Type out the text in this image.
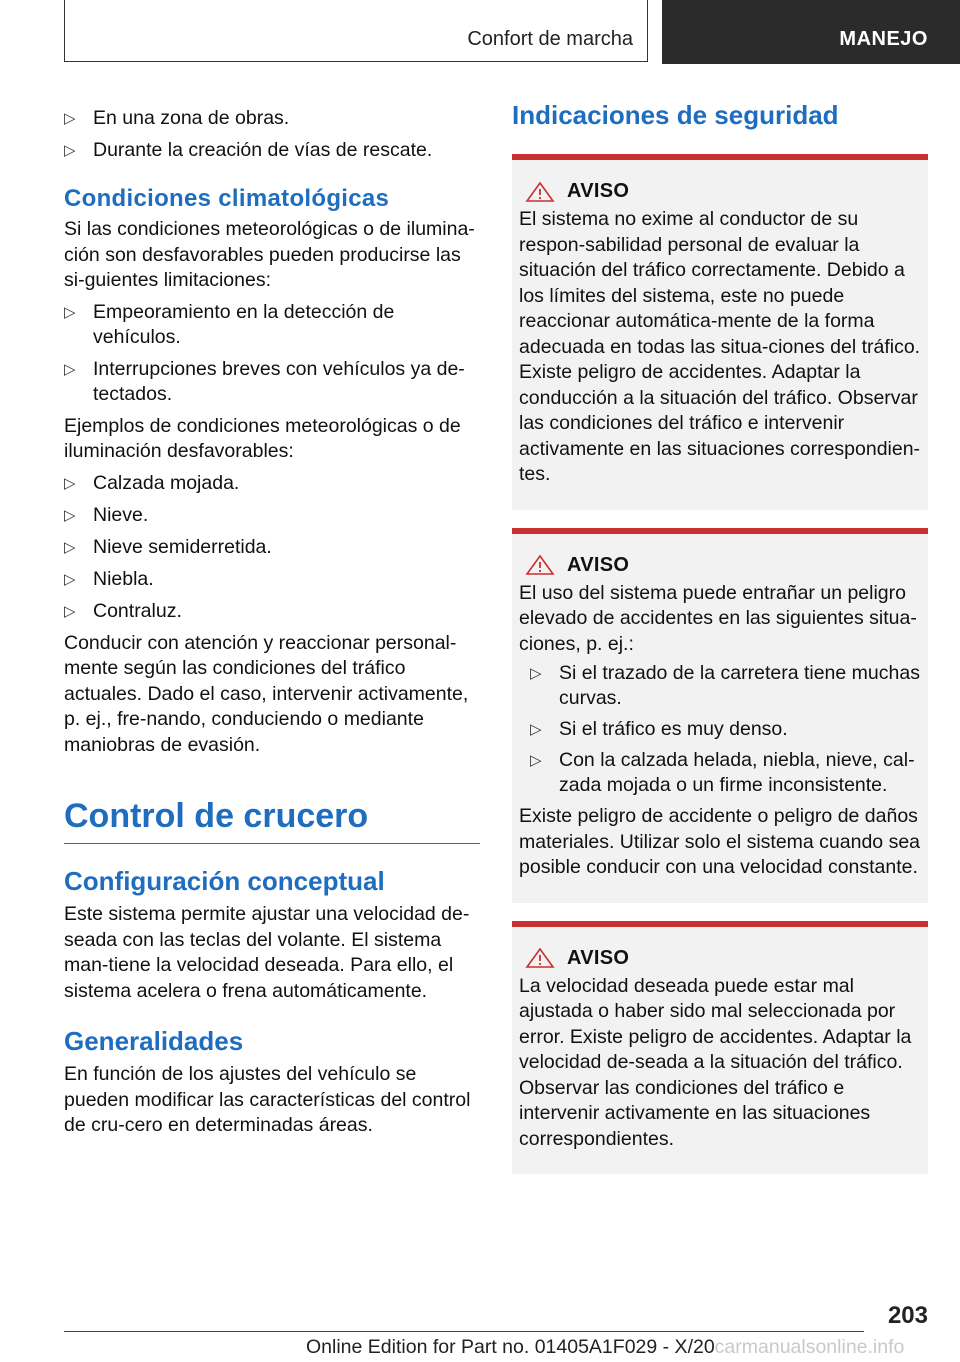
Confort de marcha	MANEJO
▷ En una zona de obras.
▷ Durante la creación de vías de rescate.
Condiciones climatológicas

Si las condiciones meteorológicas o de ilumina‐ción son desfavorables pueden producirse las si‐guientes limitaciones:

▷ Empeoramiento en la detección de vehículos.
▷ Interrupciones breves con vehículos ya de‐tectados.

Ejemplos de condiciones meteorológicas o de iluminación desfavorables:

▷ Calzada mojada.
▷ Nieve.
▷ Nieve semiderretida.
▷ Niebla.
▷ Contraluz.

Conducir con atención y reaccionar personal‐mente según las condiciones del tráfico actuales. Dado el caso, intervenir activamente, p. ej., fre‐nando, conduciendo o mediante maniobras de evasión.

Control de crucero
Configuración conceptual

Este sistema permite ajustar una velocidad de‐seada con las teclas del volante. El sistema man‐tiene la velocidad deseada. Para ello, el sistema acelera o frena automáticamente.

Generalidades

En función de los ajustes del vehículo se pueden modificar las características del control de cru‐cero en determinadas áreas.

Indicaciones de seguridad
AVISO

El sistema no exime al conductor de su respon‐sabilidad personal de evaluar la situación del tráfico correctamente. Debido a los límites del sistema, este no puede reaccionar automática‐mente de la forma adecuada en todas las situa‐ciones del tráfico. Existe peligro de accidentes. Adaptar la conducción a la situación del tráfico. Observar las condiciones del tráfico e intervenir activamente en las situaciones correspondien‐tes.

AVISO

El uso del sistema puede entrañar un peligro elevado de accidentes en las siguientes situa‐ciones, p. ej.:

▷ Si el trazado de la carretera tiene muchas curvas.
▷ Si el tráfico es muy denso.
▷ Con la calzada helada, niebla, nieve, cal‐zada mojada o un firme inconsistente.

Existe peligro de accidente o peligro de daños materiales. Utilizar solo el sistema cuando sea posible conducir con una velocidad constante.

AVISO

La velocidad deseada puede estar mal ajustada o haber sido mal seleccionada por error. Existe peligro de accidentes. Adaptar la velocidad de‐seada a la situación del tráfico. Observar las condiciones del tráfico e intervenir activamente en las situaciones correspondientes.

203
Online Edition for Part no. 01405A1F029 - X/20carmanualsonline.info
